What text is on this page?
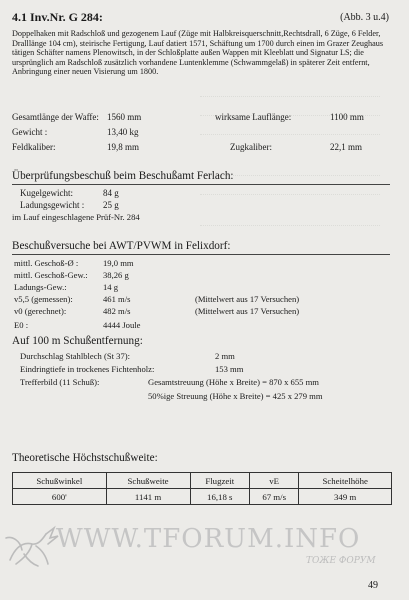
4.1 Inv.Nr. G 284:	(Abb. 3 u.4)
Doppelhaken mit Radschloß und gezogenem Lauf (Züge mit Halbkreisquerschnitt,Rechtsdrall, 6 Züge, 6 Felder, Dralllänge 104 cm), steirische Fertigung, Lauf datiert 1571, Schäftung um 1700 durch einen im Grazer Zeughaus tätigen Schäfter namens Plenowitsch, in der Schloßplatte außen Wappen mit Kleeblatt und Signatur LS; die ursprünglich am Radschloß zusätzlich vorhandene Luntenklemme (Schwammgelaß) in späterer Zeit entfernt, Anbringung einer neuen Visierung um 1800.
Gesamtlänge der Waffe: 1560 mm	wirksame Lauflänge:	1100 mm
Gewicht :	13,40 kg
Feldkaliber:	19,8 mm	Zugkaliber:	22,1 mm
Überprüfungsbeschuß beim Beschußamt Ferlach:
Kugelgewicht:	84 g
Ladungsgewicht : 25 g
im Lauf eingeschlagene Prüf-Nr. 284
Beschußversuche bei AWT/PVWM in Felixdorf:
mittl. Geschoß-Ø :	19,0 mm
mittl. Geschoß-Gew.: 38,26 g
Ladungs-Gew.:	14 g
v5,5 (gemessen):	461 m/s	(Mittelwert aus 17 Versuchen)
v0 (gerechnet):	482 m/s	(Mittelwert aus 17 Versuchen)
E0 :	4444 Joule
Auf 100 m Schußentfernung:
Durchschlag Stahlblech (St 37):	2 mm
Eindringtiefe in trockenes Fichtenholz:	153 mm
Trefferbild (11 Schuß):	Gesamtstreuung (Höhe x Breite) = 870 x 655 mm
50%ige Streuung (Höhe x Breite) = 425 x 279 mm
Theoretische Höchstschußweite:
Schußwinkel	Schußweite	Flugzeit	vE	Scheitelhöhe
600'	1141 m	16,18 s	67 m/s	349 m
WWW.TFORUM.INFO
ТОЖЕ ФОРУМ
49
